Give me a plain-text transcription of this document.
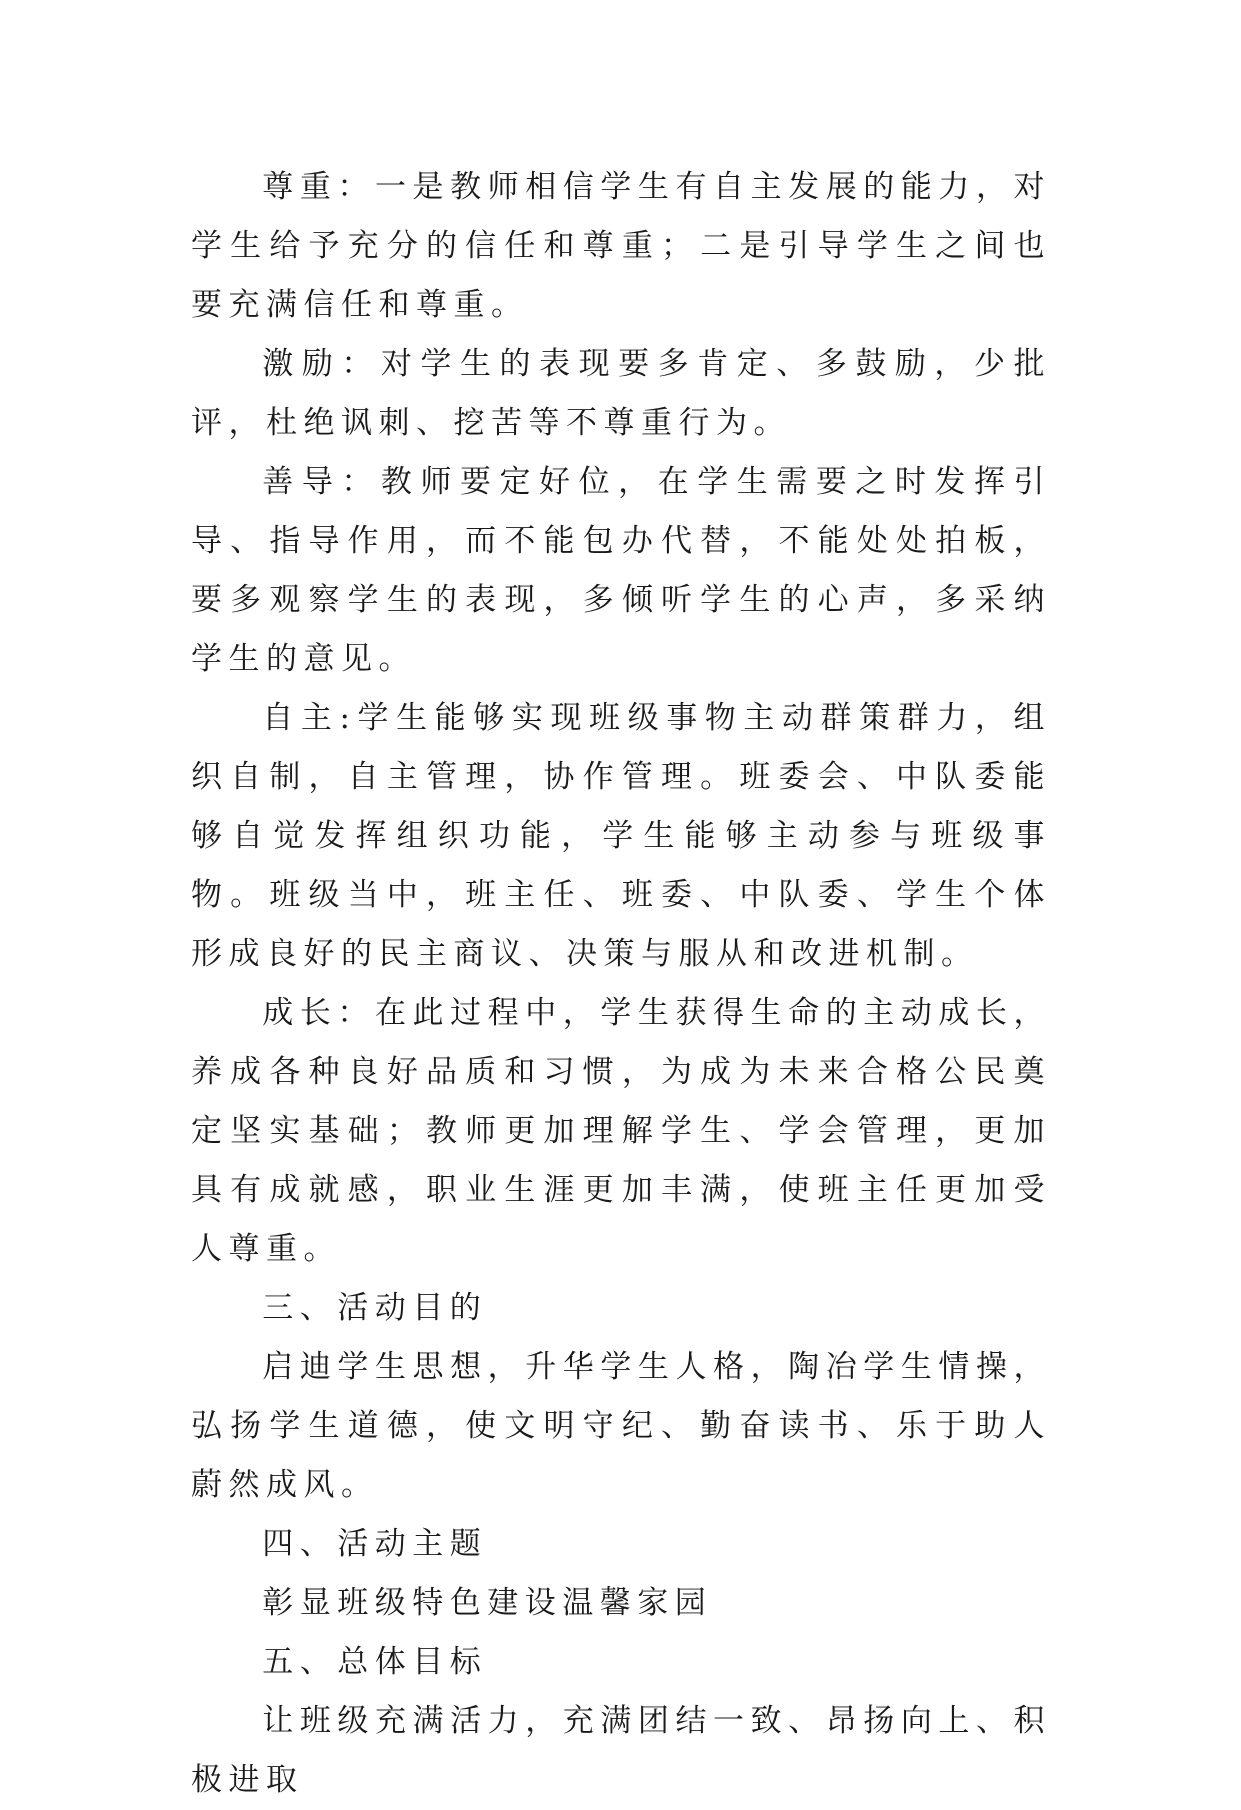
尊重：一是教师相信学生有自主发展的能力，对学生给予充分的信任和尊重；二是引导学生之间也要充满信任和尊重。

激励：对学生的表现要多肯定、多鼓励，少批评，杜绝讽刺、挖苦等不尊重行为。

善导：教师要定好位，在学生需要之时发挥引导、指导作用，而不能包办代替，不能处处拍板，要多观察学生的表现，多倾听学生的心声，多采纳学生的意见。

自主:学生能够实现班级事物主动群策群力，组织自制，自主管理，协作管理。班委会、中队委能够自觉发挥组织功能，学生能够主动参与班级事物。班级当中，班主任、班委、中队委、学生个体形成良好的民主商议、决策与服从和改进机制。

成长：在此过程中，学生获得生命的主动成长，养成各种良好品质和习惯，为成为未来合格公民奠定坚实基础；教师更加理解学生、学会管理，更加具有成就感，职业生涯更加丰满，使班主任更加受人尊重。

三、活动目的

启迪学生思想，升华学生人格，陶冶学生情操，弘扬学生道德，使文明守纪、勤奋读书、乐于助人蔚然成风。

四、活动主题

彰显班级特色建设温馨家园

五、总体目标

让班级充满活力，充满团结一致、昂扬向上、积极进取
